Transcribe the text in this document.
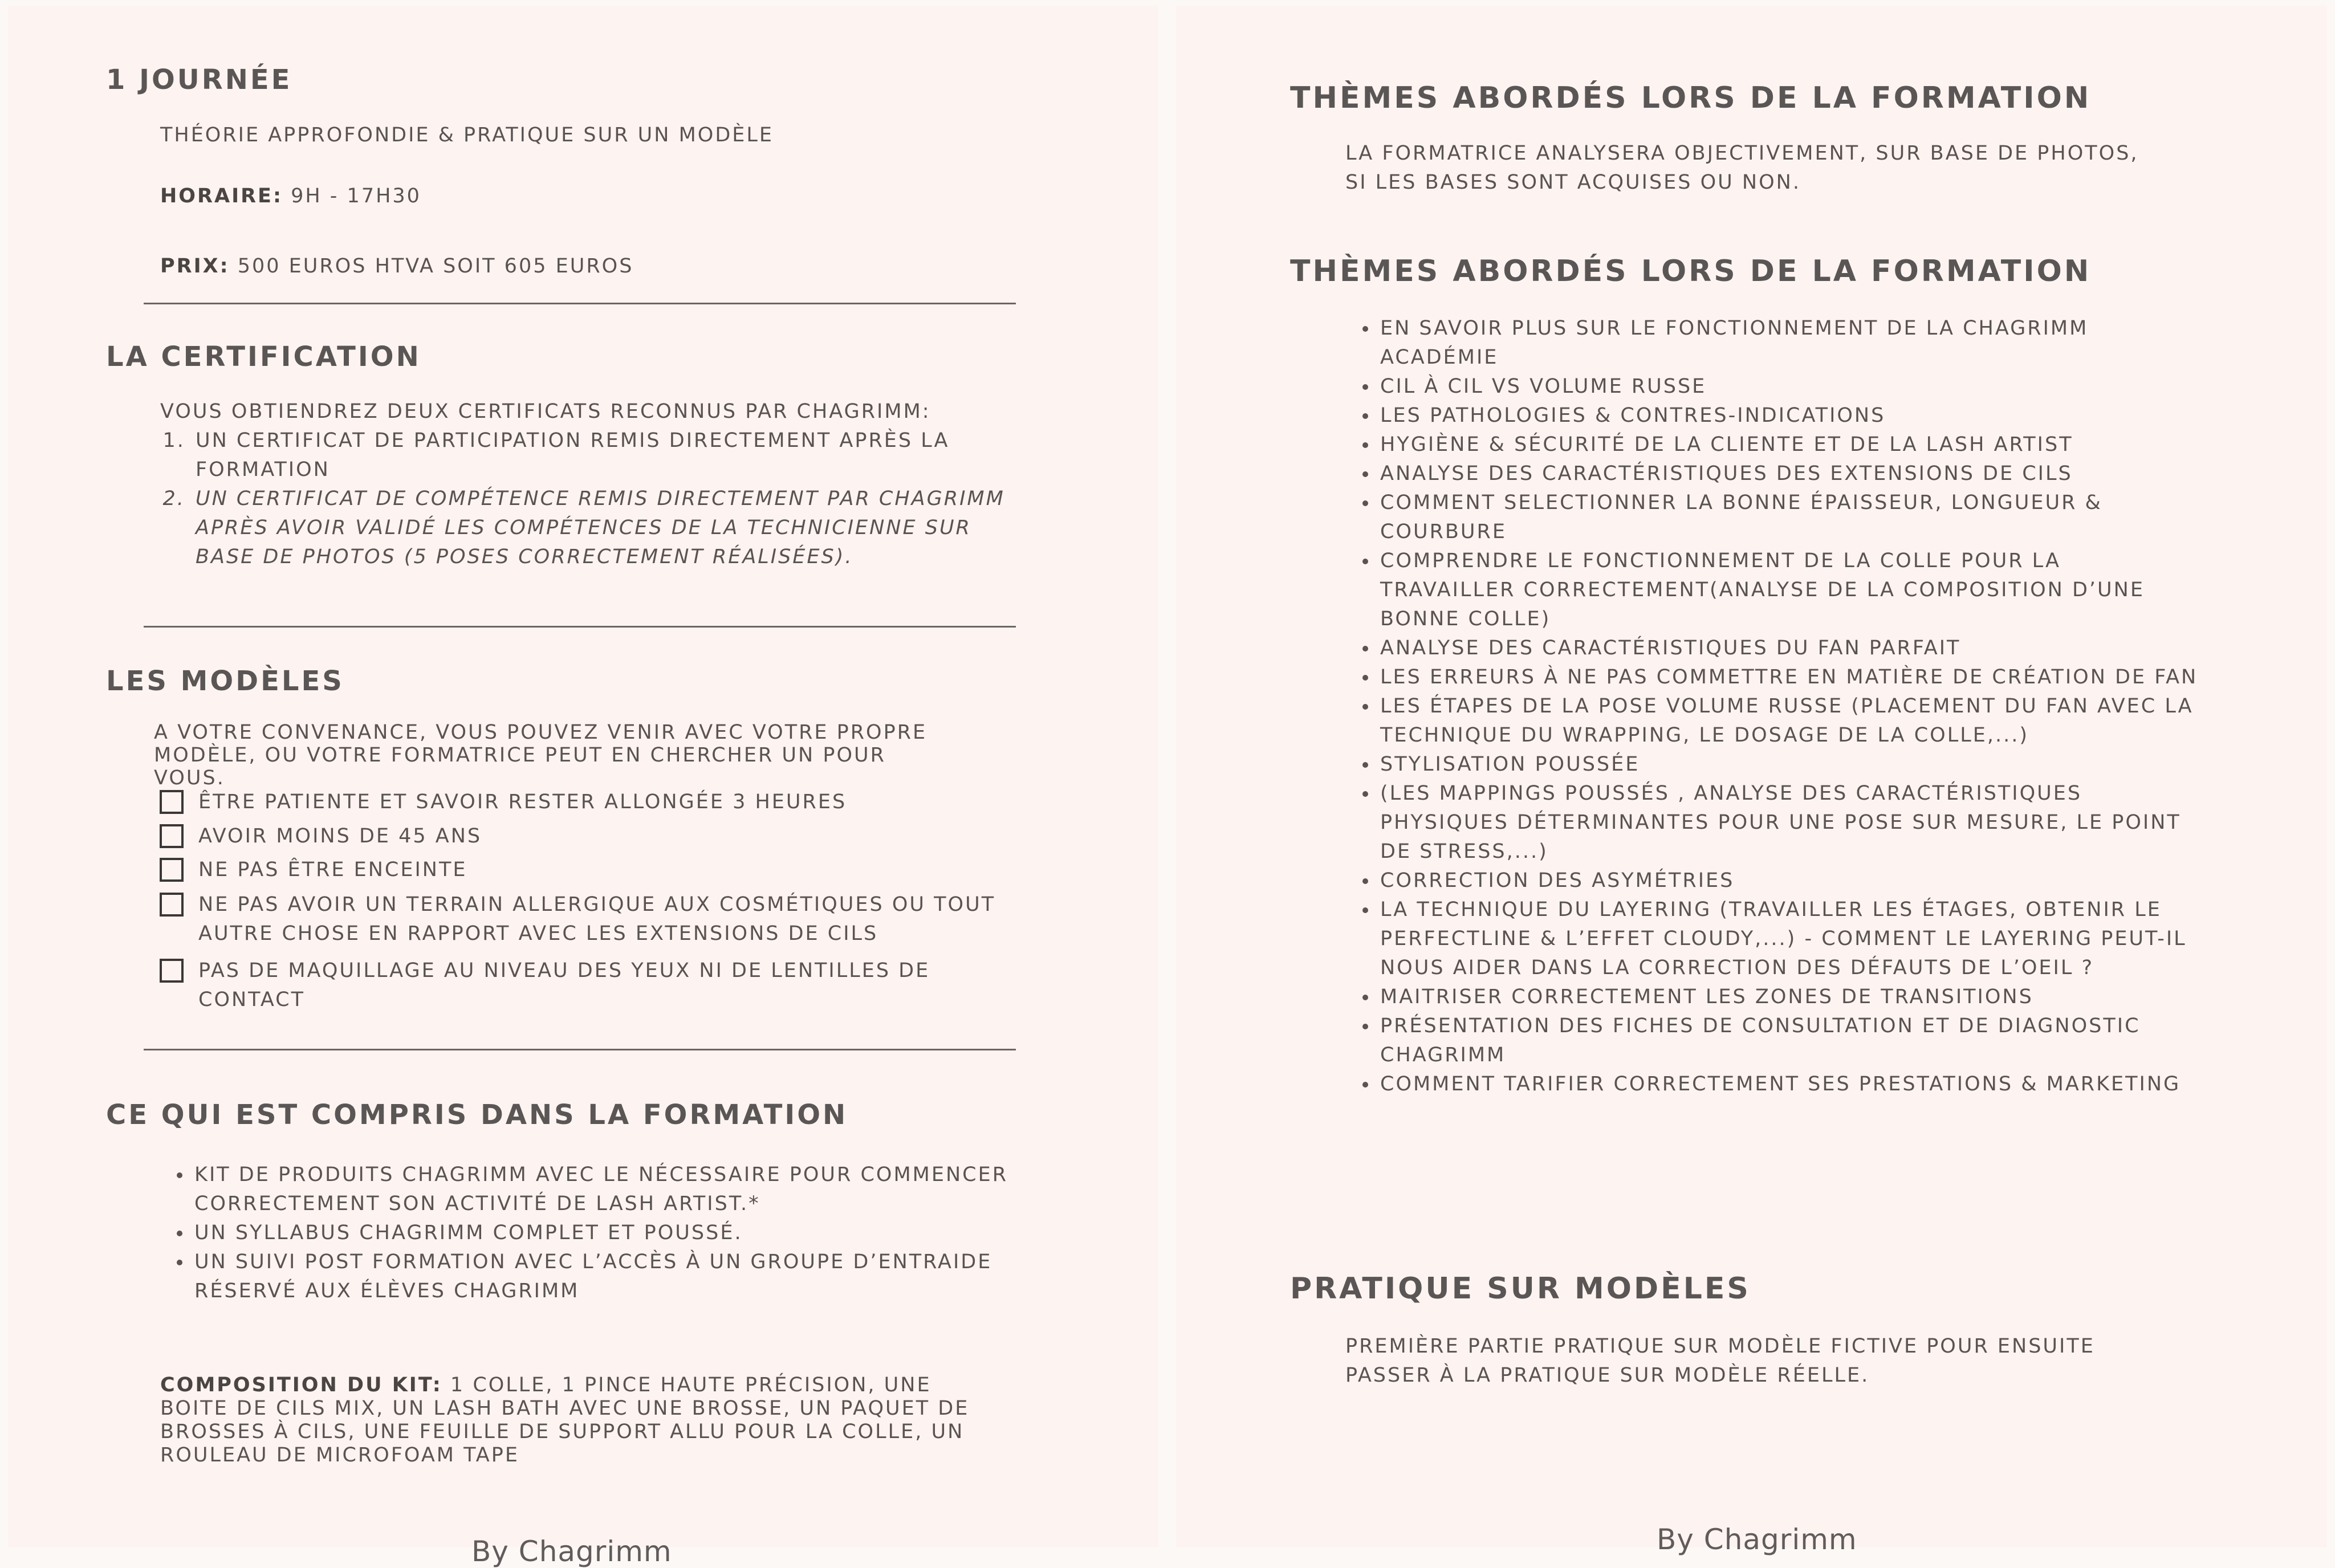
1 JOURNÉE
THÉORIE APPROFONDIE & PRATIQUE SUR UN MODÈLE
HORAIRE: 9H - 17H30
PRIX: 500 EUROS HTVA SOIT 605 EUROS
LA CERTIFICATION
VOUS OBTIENDREZ DEUX CERTIFICATS RECONNUS PAR CHAGRIMM:
1. UN CERTIFICAT DE PARTICIPATION REMIS DIRECTEMENT APRÈS LA FORMATION
2. UN CERTIFICAT DE COMPÉTENCE REMIS DIRECTEMENT PAR CHAGRIMM APRÈS AVOIR VALIDÉ LES COMPÉTENCES DE LA TECHNICIENNE SUR BASE DE PHOTOS (5 POSES CORRECTEMENT RÉALISÉES).
LES MODÈLES
A VOTRE CONVENANCE, VOUS POUVEZ VENIR AVEC VOTRE PROPRE MODÈLE, OU VOTRE FORMATRICE PEUT EN CHERCHER UN POUR VOUS.
ÊTRE PATIENTE ET SAVOIR RESTER ALLONGÉE 3 HEURES
AVOIR MOINS DE 45 ANS
NE PAS ÊTRE ENCEINTE
NE PAS AVOIR UN TERRAIN ALLERGIQUE AUX COSMÉTIQUES OU TOUT AUTRE CHOSE EN RAPPORT AVEC LES EXTENSIONS DE CILS
PAS DE MAQUILLAGE AU NIVEAU DES YEUX NI DE LENTILLES DE CONTACT
CE QUI EST COMPRIS DANS LA FORMATION
• KIT DE PRODUITS CHAGRIMM AVEC LE NÉCESSAIRE POUR COMMENCER CORRECTEMENT SON ACTIVITÉ DE LASH ARTIST.*
• UN SYLLABUS CHAGRIMM COMPLET ET POUSSÉ.
• UN SUIVI POST FORMATION AVEC L’ACCÈS À UN GROUPE D’ENTRAIDE RÉSERVÉ AUX ÉLÈVES CHAGRIMM
COMPOSITION DU KIT: 1 COLLE, 1 PINCE HAUTE PRÉCISION, UNE BOITE DE CILS MIX, UN LASH BATH AVEC UNE BROSSE, UN PAQUET DE BROSSES À CILS, UNE FEUILLE DE SUPPORT ALLU POUR LA COLLE, UN ROULEAU DE MICROFOAM TAPE
By Chagrimm
THÈMES ABORDÉS LORS DE LA FORMATION
LA FORMATRICE ANALYSERA OBJECTIVEMENT, SUR BASE DE PHOTOS, SI LES BASES SONT ACQUISES OU NON.
THÈMES ABORDÉS LORS DE LA FORMATION
• EN SAVOIR PLUS SUR LE FONCTIONNEMENT DE LA CHAGRIMM ACADÉMIE
• CIL À CIL VS VOLUME RUSSE
• LES PATHOLOGIES & CONTRES-INDICATIONS
• HYGIÈNE & SÉCURITÉ DE LA CLIENTE ET DE LA LASH ARTIST
• ANALYSE DES CARACTÉRISTIQUES DES EXTENSIONS DE CILS
• COMMENT SELECTIONNER LA BONNE ÉPAISSEUR, LONGUEUR & COURBURE
• COMPRENDRE LE FONCTIONNEMENT DE LA COLLE POUR LA TRAVAILLER CORRECTEMENT(ANALYSE DE LA COMPOSITION D’UNE BONNE COLLE)
• ANALYSE DES CARACTÉRISTIQUES DU FAN PARFAIT
• LES ERREURS À NE PAS COMMETTRE EN MATIÈRE DE CRÉATION DE FAN
• LES ÉTAPES DE LA POSE VOLUME RUSSE (PLACEMENT DU FAN AVEC LA TECHNIQUE DU WRAPPING, LE DOSAGE DE LA COLLE,...)
• STYLISATION POUSSÉE
• (LES MAPPINGS POUSSÉS , ANALYSE DES CARACTÉRISTIQUES PHYSIQUES DÉTERMINANTES POUR UNE POSE SUR MESURE, LE POINT DE STRESS,...)
• CORRECTION DES ASYMÉTRIES
• LA TECHNIQUE DU LAYERING (TRAVAILLER LES ÉTAGES, OBTENIR LE PERFECTLINE & L’EFFET CLOUDY,...) - COMMENT LE LAYERING PEUT-IL NOUS AIDER DANS LA CORRECTION DES DÉFAUTS DE L’OEIL ?
• MAITRISER CORRECTEMENT LES ZONES DE TRANSITIONS
• PRÉSENTATION DES FICHES DE CONSULTATION ET DE DIAGNOSTIC CHAGRIMM
• COMMENT TARIFIER CORRECTEMENT SES PRESTATIONS & MARKETING
PRATIQUE SUR MODÈLES
PREMIÈRE PARTIE PRATIQUE SUR MODÈLE FICTIVE POUR ENSUITE PASSER À LA PRATIQUE SUR MODÈLE RÉELLE.
By Chagrimm
